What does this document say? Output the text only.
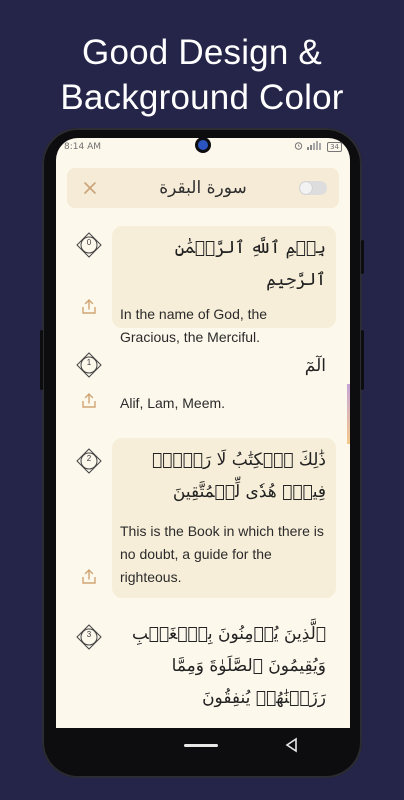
Good Design &
Background Color
8:14 AM	34
سورة البقرة
0	بِسۡمِ ٱللَّهِ ٱلرَّحۡمَٰنِ ٱلرَّحِيمِ
In the name of God, the Gracious, the Merciful.
1	الٓمٓ
Alif, Lam, Meem.
2	ذَٰلِكَ ٱلۡكِتَٰبُ لَا رَيۡبَۛ فِيهِۛ هُدٗى لِّلۡمُتَّقِينَ
This is the Book in which there is no doubt, a guide for the righteous.
3	ٱلَّذِينَ يُؤۡمِنُونَ بِٱلۡغَيۡبِ وَيُقِيمُونَ ٱلصَّلَوٰةَ وَمِمَّا رَزَقۡنَٰهُمۡ يُنفِقُونَ
